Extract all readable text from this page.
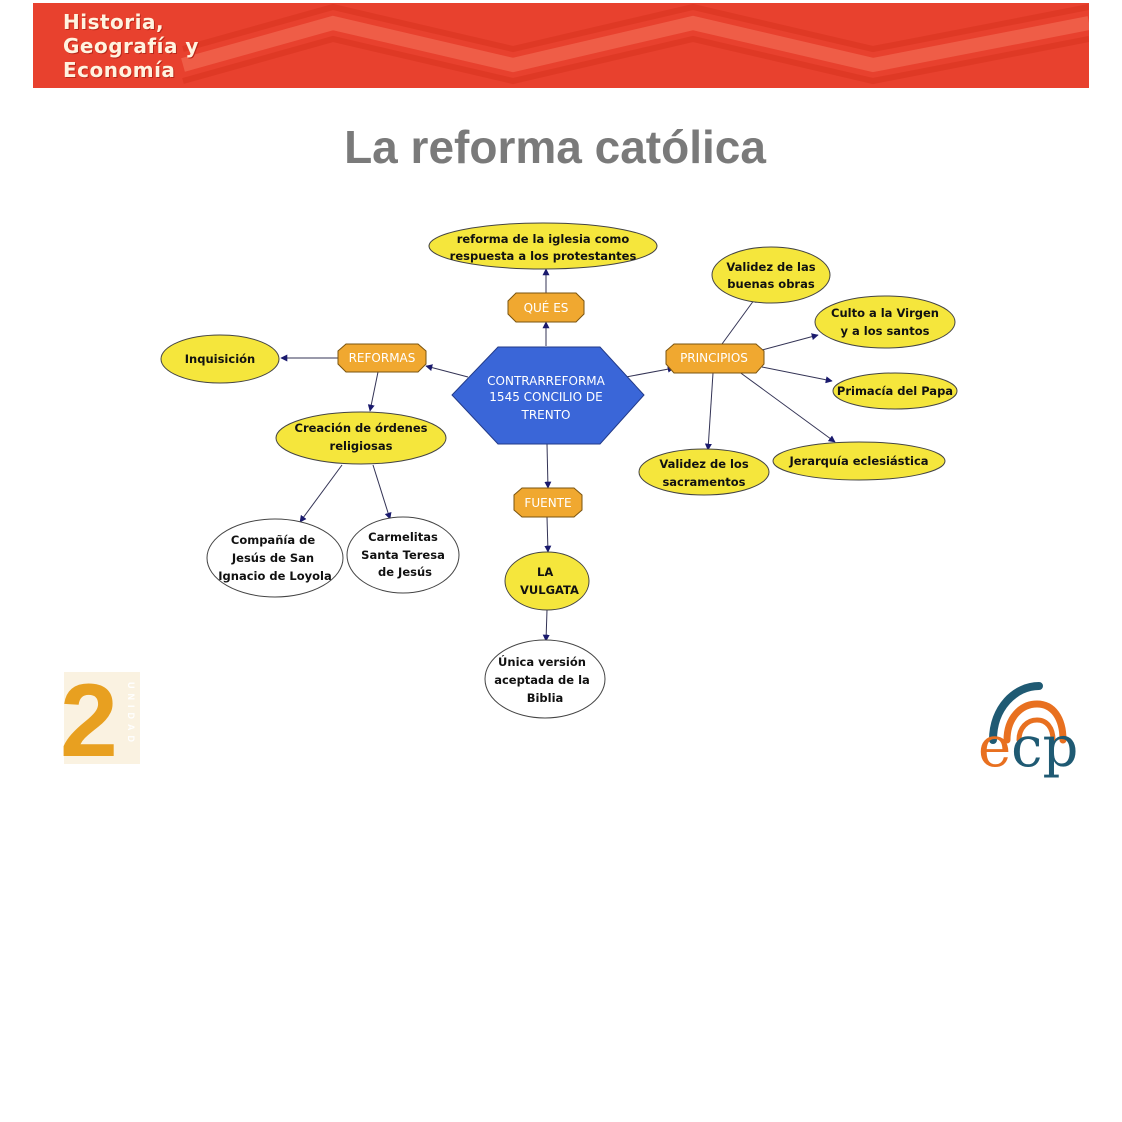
Historia,
Geografía y
Economía
La reforma católica
CONTRARREFORMA
1545 CONCILIO DE
TRENTO
QUÉ ES
REFORMAS	PRINCIPIOS
FUENTE
reforma de la iglesia como
respuesta a los protestantes
Inquisición
Creación de órdenes
religiosas
Validez de las
buenas obras
Culto a la Virgen
y a los santos
Primacía del Papa
Jerarquía eclesiástica
Validez de los
sacramentos
LA
VULGATA
Compañía de
Jesús de San
Ignacio de Loyola
Carmelitas
Santa Teresa
de Jesús
Única versión
aceptada de la
Biblia
2 UNIDAD
ecp
